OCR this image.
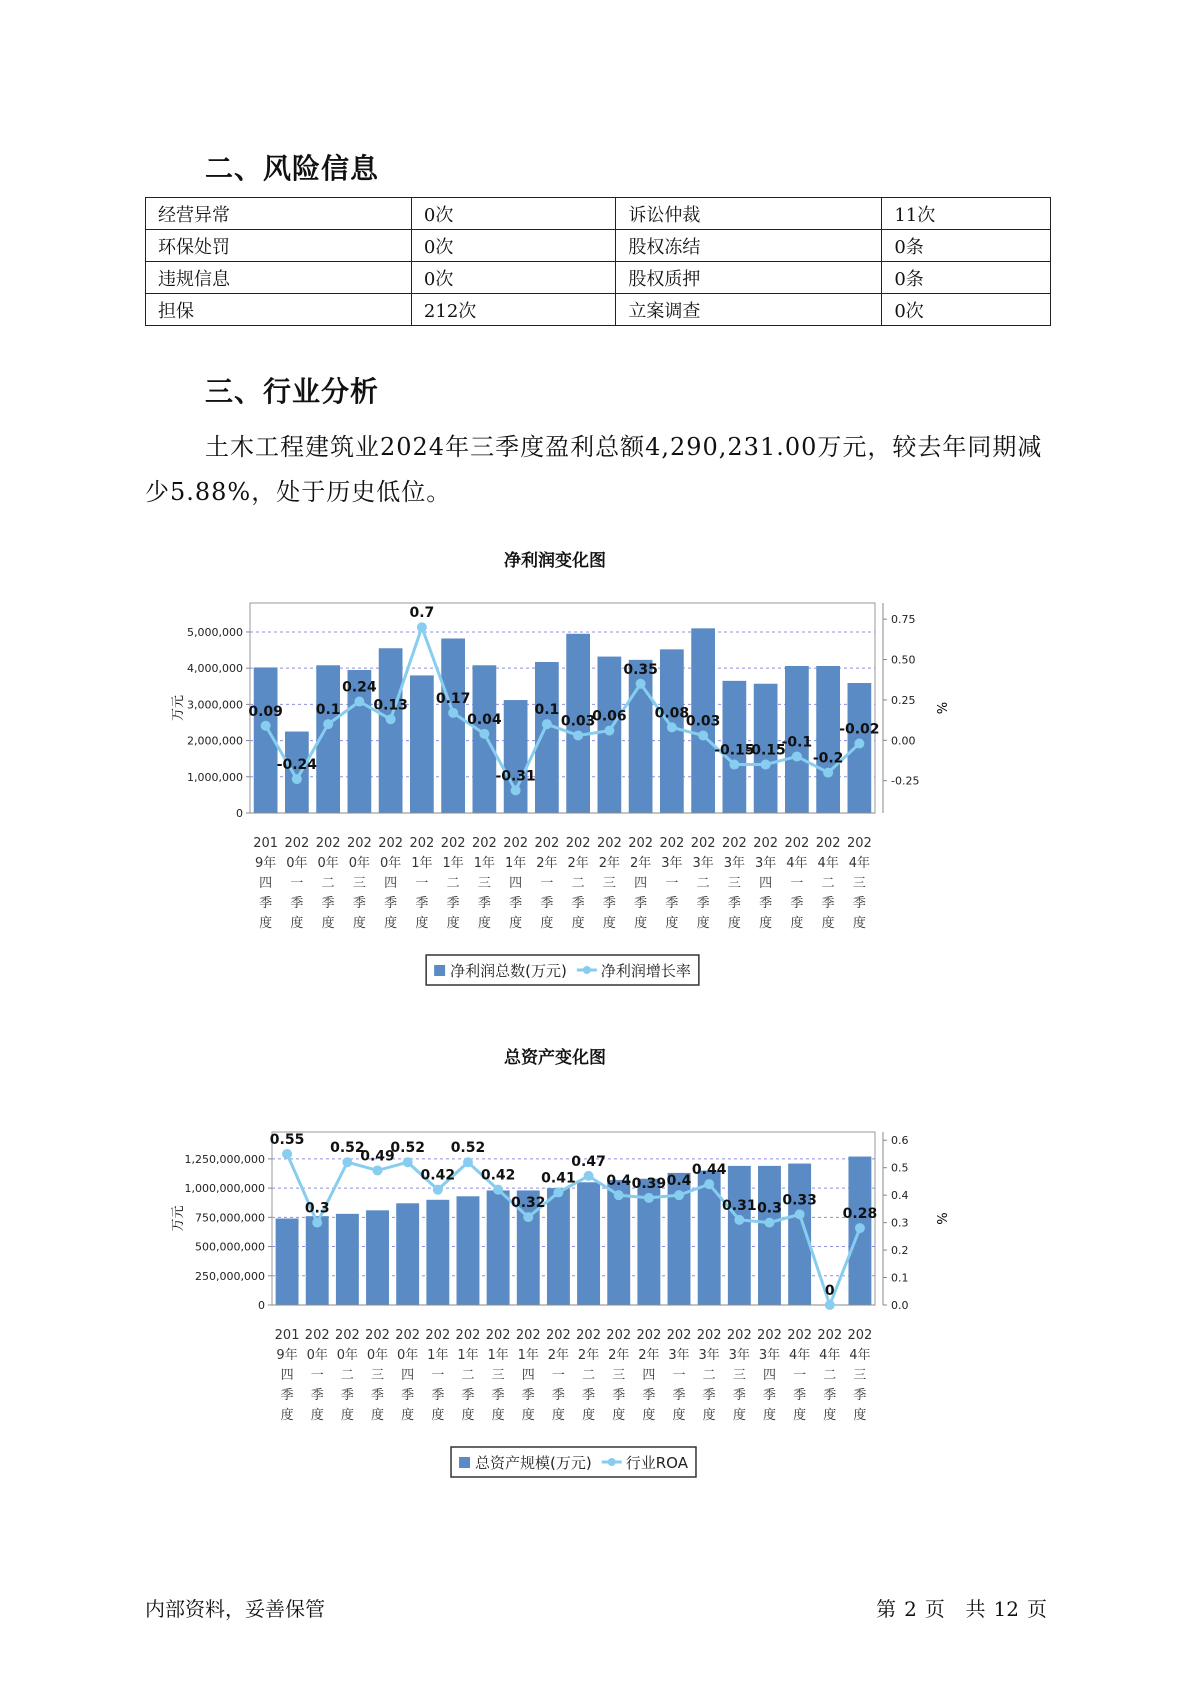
二、风险信息
经营异常	0次	诉讼仲裁	11次
环保处罚	0次	股权冻结	0条
违规信息	0次	股权质押	0条
担保	212次	立案调查	0次
三、行业分析
土木工程建筑业2024年三季度盈利总额4,290,231.00万元，较去年同期减少5.88%，处于历史低位。
净利润变化图
0
1,000,000
2,000,000
3,000,000
4,000,000
5,000,000
-0.25
0.00
0.25
0.50
0.75
万元	%
0.09
-0.24
0.1
0.24
0.13
0.7
0.17
0.04
-0.31
0.1
0.03
0.06
0.35
0.08
0.03
-0.15
-0.15
-0.1
-0.2
-0.02
201
9年
四
季
度
202
0年
一
季
度
202
0年
二
季
度
202
0年
三
季
度
202
0年
四
季
度
202
1年
一
季
度
202
1年
二
季
度
202
1年
三
季
度
202
1年
四
季
度
202
2年
一
季
度
202
2年
二
季
度
202
2年
三
季
度
202
2年
四
季
度
202
3年
一
季
度
202
3年
二
季
度
202
3年
三
季
度
202
3年
四
季
度
202
4年
一
季
度
202
4年
二
季
度
202
4年
三
季
度
净利润总数(万元) 净利润增长率
总资产变化图
0
250,000,000
500,000,000
750,000,000
1,000,000,000
1,250,000,000
0.0
0.1
0.2
0.3
0.4
0.5
0.6
万元	%
0.55
0.3
0.52
0.49
0.52
0.42
0.52
0.42
0.32
0.41
0.47
0.4 0.39 0.4
0.44
0.31 0.3
0.33
0
0.28
201
9年
四
季
度
202
0年
一
季
度
202
0年
二
季
度
202
0年
三
季
度
202
0年
四
季
度
202
1年
一
季
度
202
1年
二
季
度
202
1年
三
季
度
202
1年
四
季
度
202
2年
一
季
度
202
2年
二
季
度
202
2年
三
季
度
202
2年
四
季
度
202
3年
一
季
度
202
3年
二
季
度
202
3年
三
季
度
202
3年
四
季
度
202
4年
一
季
度
202
4年
二
季
度
202
4年
三
季
度
总资产规模(万元) 行业ROA
内部资料，妥善保管	第 2 页 共 12 页
